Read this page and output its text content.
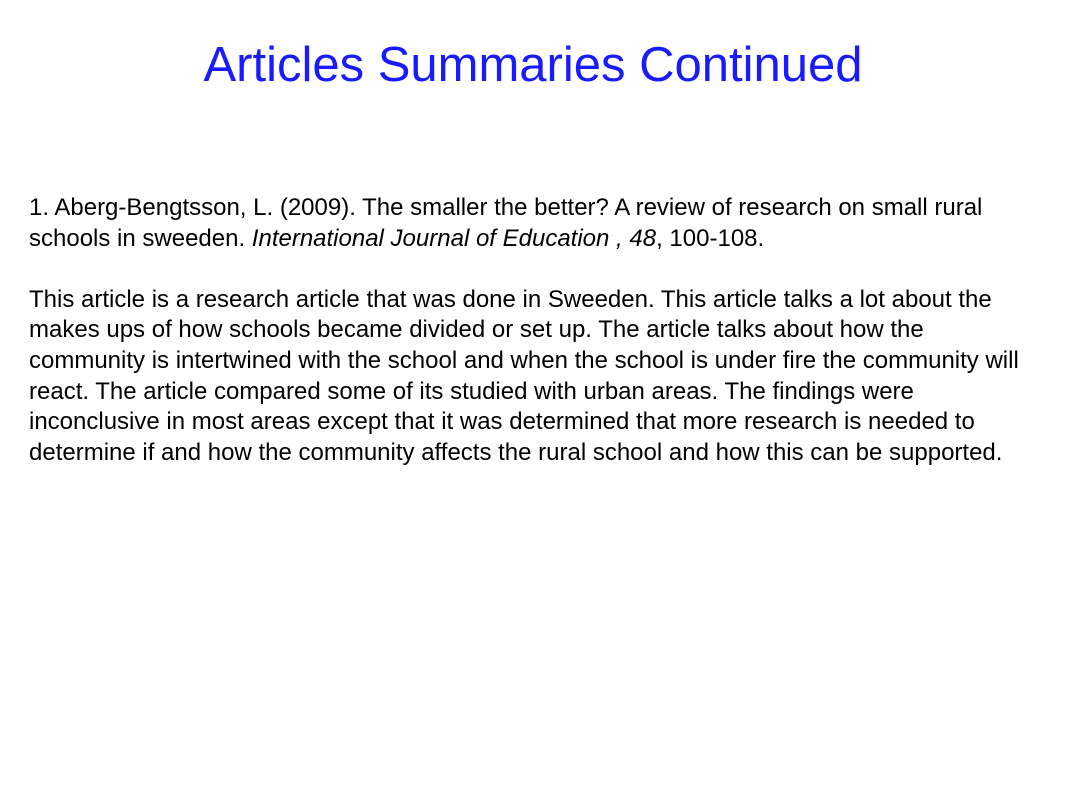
Articles Summaries Continued

1. Aberg-Bengtsson, L. (2009). The smaller the better? A review of research on small rural schools in sweeden. International Journal of Education , 48, 100-108.

This article is a research article that was done in Sweeden. This article talks a lot about the makes ups of how schools became divided or set up. The article talks about how the community is intertwined with the school and when the school is under fire the community will react. The article compared some of its studied with urban areas. The findings were inconclusive in most areas except that it was determined that more research is needed to determine if and how the community affects the rural school and how this can be supported.
